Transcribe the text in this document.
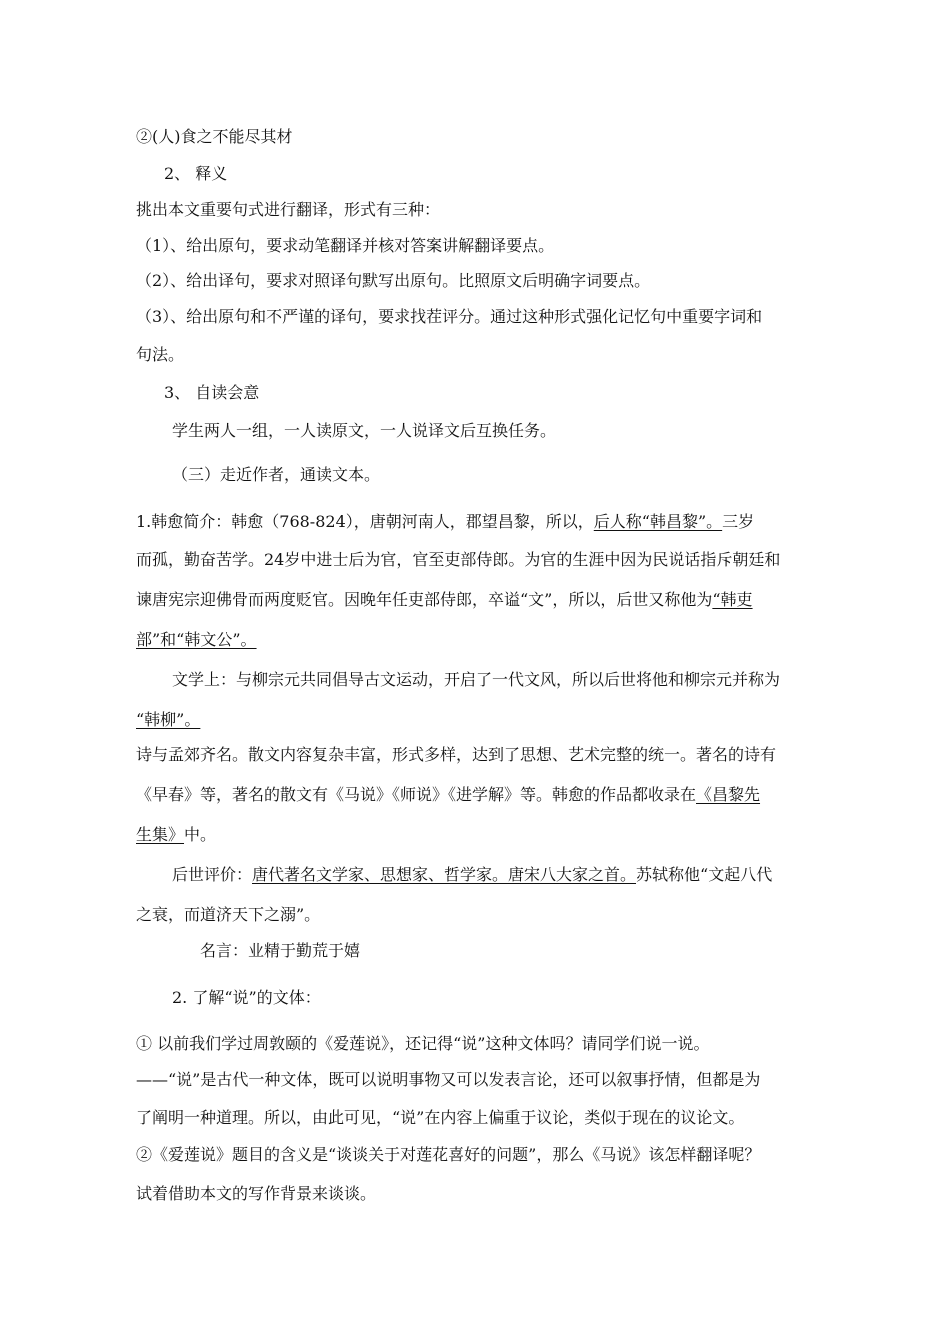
②(人)食之不能尽其材
2、 释义
挑出本文重要句式进行翻译，形式有三种：
（1）、给出原句，要求动笔翻译并核对答案讲解翻译要点。
（2）、给出译句，要求对照译句默写出原句。比照原文后明确字词要点。
（3）、给出原句和不严谨的译句，要求找茬评分。通过这种形式强化记忆句中重要字词和
句法。
3、 自读会意
学生两人一组，一人读原文，一人说译文后互换任务。
（三）走近作者，通读文本。
1.韩愈简介：韩愈（768-824），唐朝河南人，郡望昌黎，所以，后人称“韩昌黎”。三岁
而孤，勤奋苦学。24岁中进士后为官，官至吏部侍郎。为官的生涯中因为民说话指斥朝廷和
谏唐宪宗迎佛骨而两度贬官。因晚年任吏部侍郎，卒谥“文”，所以，后世又称他为“韩吏
部”和“韩文公”。
文学上：与柳宗元共同倡导古文运动，开启了一代文风，所以后世将他和柳宗元并称为
“韩柳”。
诗与孟郊齐名。散文内容复杂丰富，形式多样，达到了思想、艺术完整的统一。著名的诗有
《早春》等，著名的散文有《马说》《师说》《进学解》等。韩愈的作品都收录在《昌黎先
生集》中。
后世评价：唐代著名文学家、思想家、哲学家。唐宋八大家之首。苏轼称他“文起八代
之衰，而道济天下之溺”。
名言：业精于勤荒于嬉
2. 了解“说”的文体：
① 以前我们学过周敦颐的《爱莲说》，还记得“说”这种文体吗？请同学们说一说。
——“说”是古代一种文体，既可以说明事物又可以发表言论，还可以叙事抒情，但都是为
了阐明一种道理。所以，由此可见，“说”在内容上偏重于议论，类似于现在的议论文。
②《爱莲说》题目的含义是“谈谈关于对莲花喜好的问题”，那么《马说》该怎样翻译呢？
试着借助本文的写作背景来谈谈。
